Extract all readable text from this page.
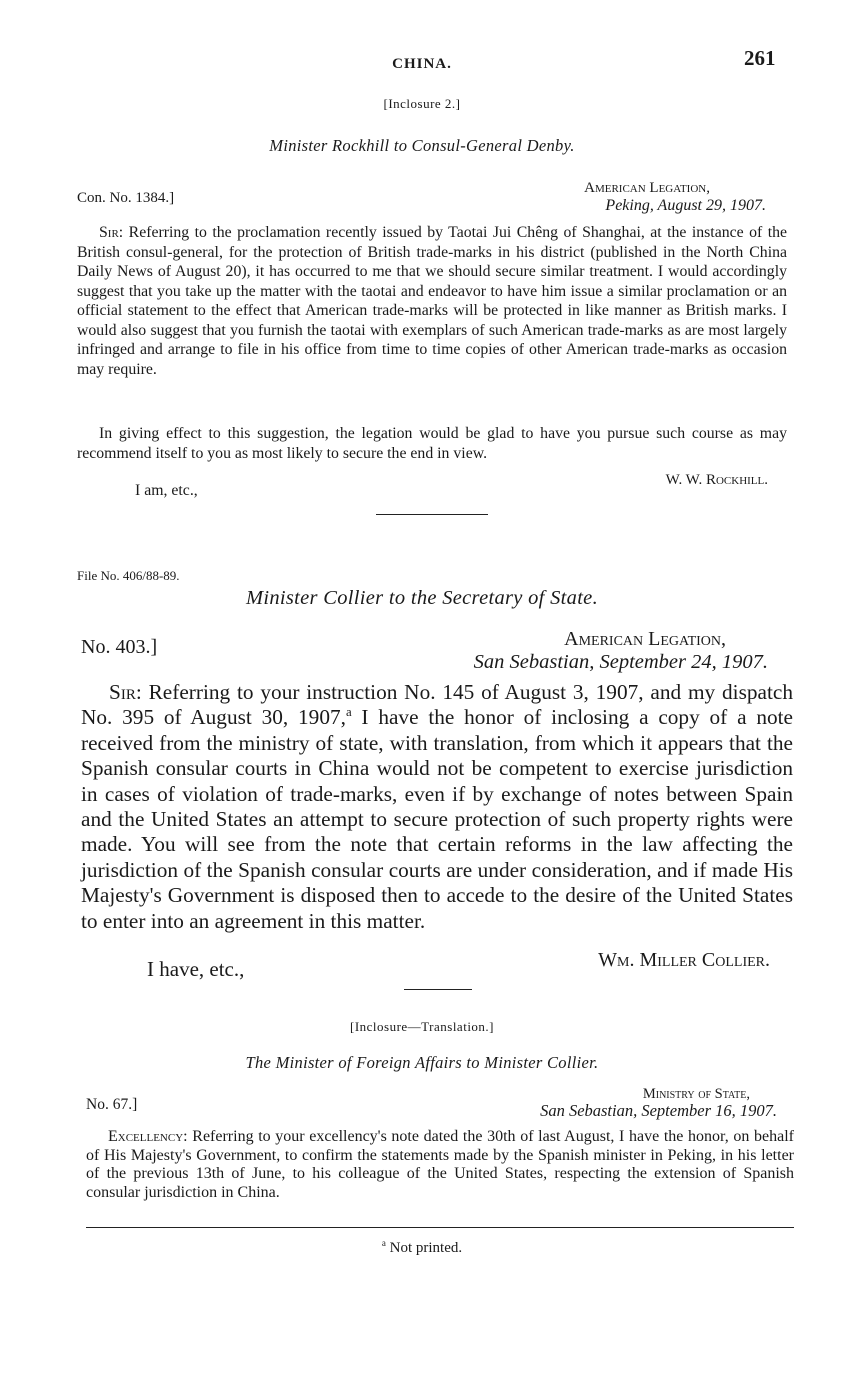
CHINA.	261
[Inclosure 2.]
Minister Rockhill to Consul-General Denby.
Con. No. 1384.]
American Legation,
Peking, August 29, 1907.
Sir: Referring to the proclamation recently issued by Taotai Jui Chêng of Shanghai, at the instance of the British consul-general, for the protection of British trade-marks in his district (published in the North China Daily News of August 20), it has occurred to me that we should secure similar treatment. I would accordingly suggest that you take up the matter with the taotai and endeavor to have him issue a similar proclamation or an official statement to the effect that American trade-marks will be protected in like manner as British marks. I would also suggest that you furnish the taotai with exemplars of such American trade-marks as are most largely infringed and arrange to file in his office from time to time copies of other American trade-marks as occasion may require.
In giving effect to this suggestion, the legation would be glad to have you pursue such course as may recommend itself to you as most likely to secure the end in view.
I am, etc.,
W. W. Rockhill.
File No. 406/88-89.
Minister Collier to the Secretary of State.
No. 403.]	American Legation,
San Sebastian, September 24, 1907.
Sir: Referring to your instruction No. 145 of August 3, 1907, and my dispatch No. 395 of August 30, 1907,$^a$ I have the honor of inclosing a copy of a note received from the ministry of state, with translation, from which it appears that the Spanish consular courts in China would not be competent to exercise jurisdiction in cases of violation of trade-marks, even if by exchange of notes between Spain and the United States an attempt to secure protection of such property rights were made. You will see from the note that certain reforms in the law affecting the jurisdiction of the Spanish consular courts are under consideration, and if made His Majesty's Government is disposed then to accede to the desire of the United States to enter into an agreement in this matter.
I have, etc.,	Wm. Miller Collier.
[Inclosure—Translation.]
The Minister of Foreign Affairs to Minister Collier.
No. 67.]
Ministry of State,
San Sebastian, September 16, 1907.
Excellency: Referring to your excellency's note dated the 30th of last August, I have the honor, on behalf of His Majesty's Government, to confirm the statements made by the Spanish minister in Peking, in his letter of the previous 13th of June, to his colleague of the United States, respecting the extension of Spanish consular jurisdiction in China.
$^a$ Not printed.
